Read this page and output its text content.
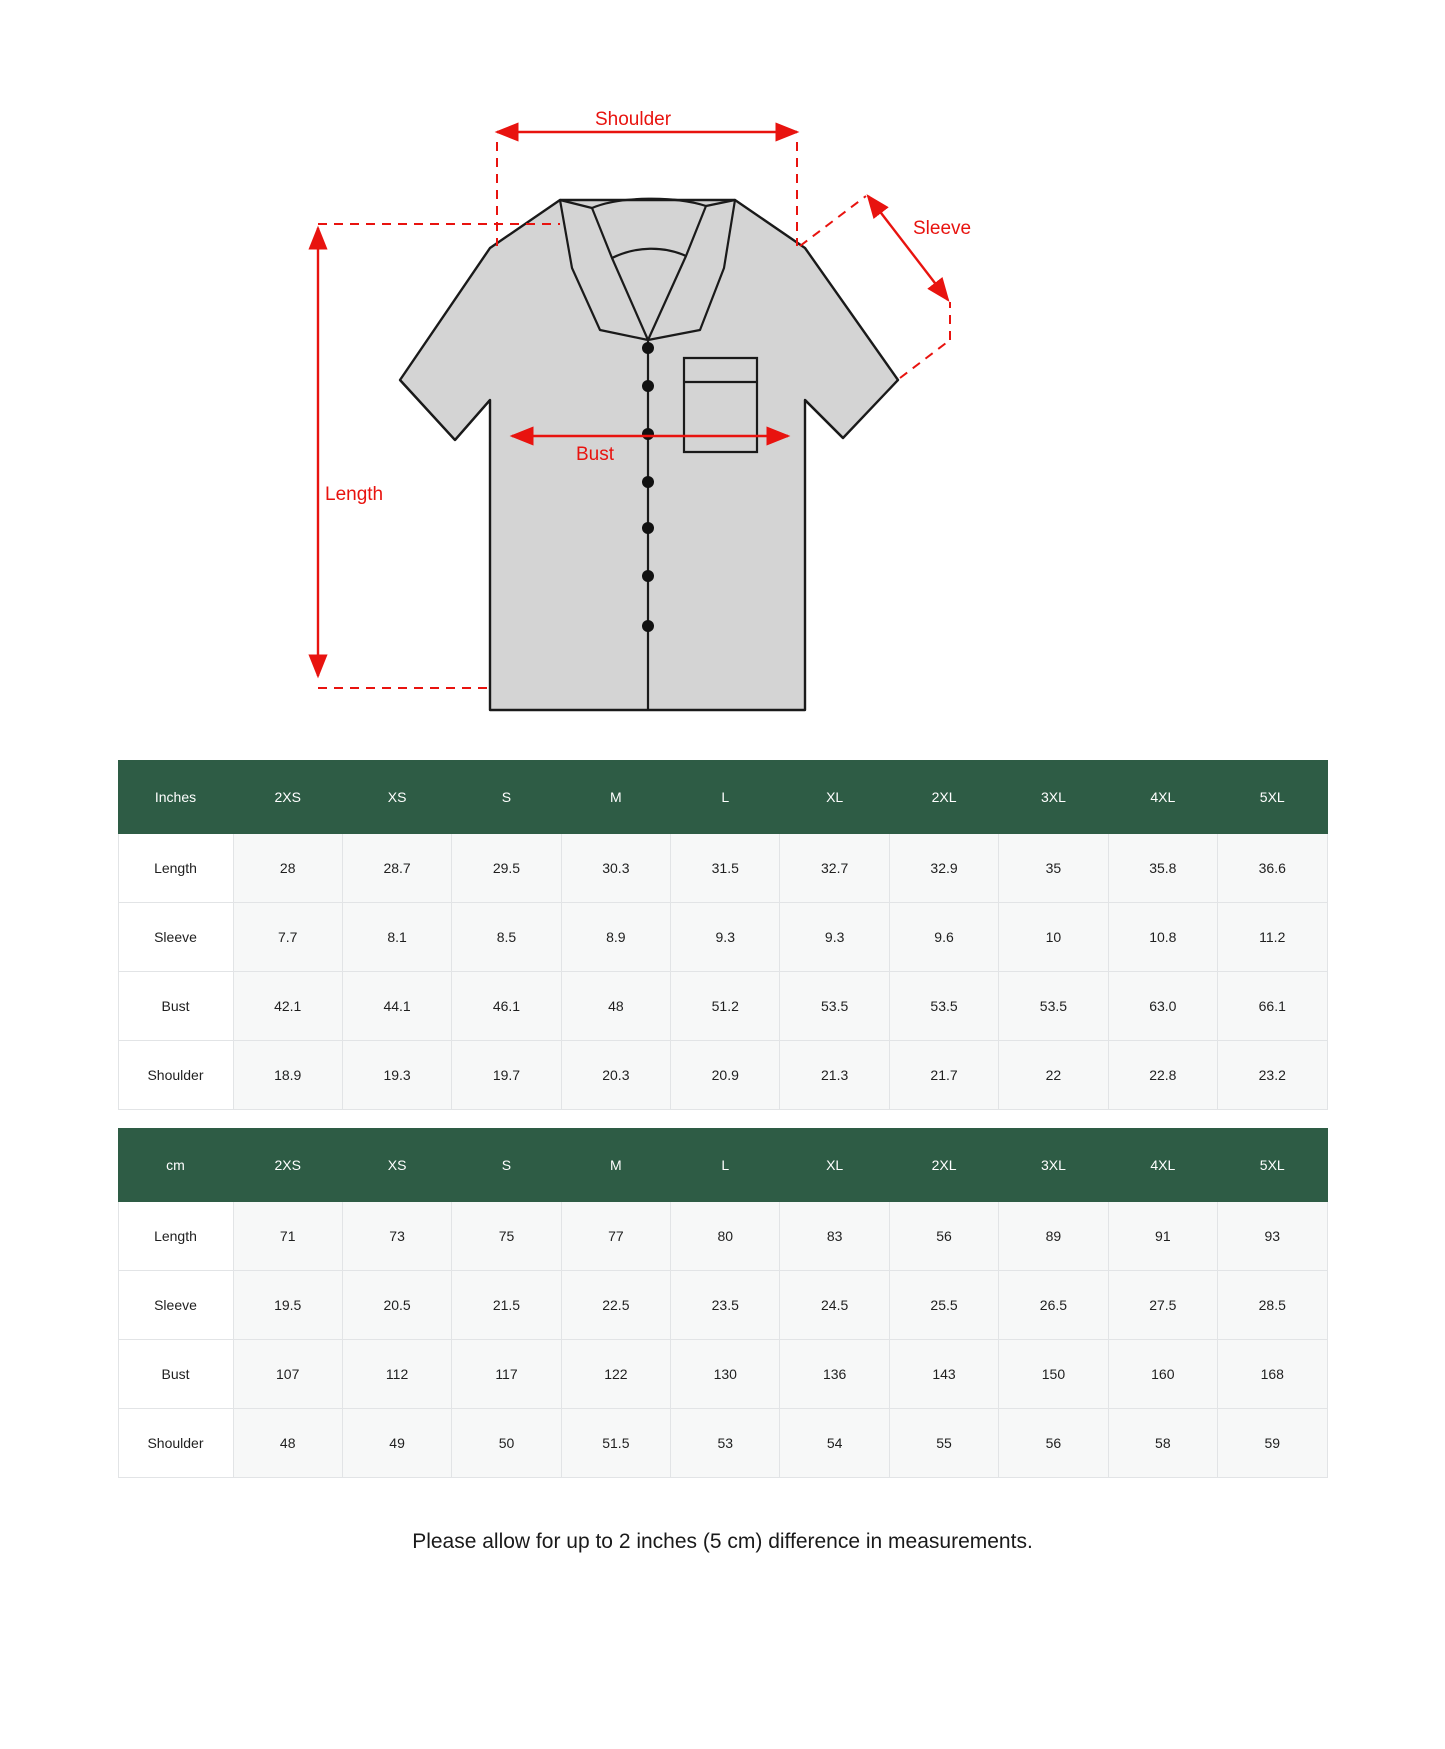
Shoulder
Sleeve
Bust
Length
Inches	2XS	XS	S	M	L	XL	2XL	3XL	4XL	5XL
Length	28	28.7	29.5	30.3	31.5	32.7	32.9	35	35.8	36.6
Sleeve	7.7	8.1	8.5	8.9	9.3	9.3	9.6	10	10.8	11.2
Bust	42.1	44.1	46.1	48	51.2	53.5	53.5	53.5	63.0	66.1
Shoulder	18.9	19.3	19.7	20.3	20.9	21.3	21.7	22	22.8	23.2
cm	2XS	XS	S	M	L	XL	2XL	3XL	4XL	5XL
Length	71	73	75	77	80	83	56	89	91	93
Sleeve	19.5	20.5	21.5	22.5	23.5	24.5	25.5	26.5	27.5	28.5
Bust	107	112	117	122	130	136	143	150	160	168
Shoulder	48	49	50	51.5	53	54	55	56	58	59
Please allow for up to 2 inches (5 cm) difference in measurements.
